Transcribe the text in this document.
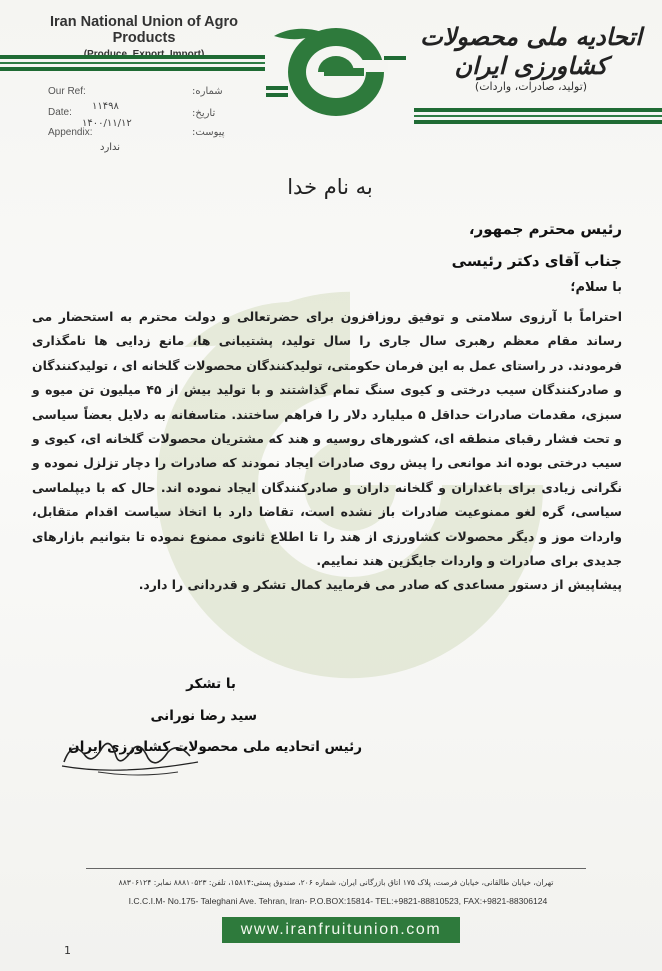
Iran National Union of Agro Products	اتحادیه ملی محصولات کشاورزی ایران
(تولید، صادرات، واردات)
Our Ref:	شماره:
۱۱۴۹۸
Date:	تاریخ:
۱۴۰۰/۱۱/۱۲
Appendix:	پیوست:
ندارد
به نام خدا
رئیس محترم جمهور،
جناب آقای دکتر رئیسی
با سلام؛

احتراماً با آرزوی سلامتی و توفیق روزافزون برای حضرتعالی و دولت محترم به استحضار می رساند مقام معظم رهبری سال جاری را سال تولید، پشتیبانی ها، مانع زدایی ها نامگذاری فرمودند. در راستای عمل به این فرمان حکومتی، تولیدکنندگان محصولات گلخانه ای ، تولیدکنندگان و صادرکنندگان سیب درختی و کیوی سنگ تمام گذاشتند و با تولید بیش از ۴۵ میلیون تن میوه و سبزی، مقدمات صادرات حداقل ۵ میلیارد دلار را فراهم ساختند. متاسفانه به دلایل بعضاً سیاسی و تحت فشار رقبای منطقه ای، کشورهای روسیه و هند که مشتریان محصولات گلخانه ای، کیوی و سیب درختی بوده اند موانعی را پیش روی صادرات ایجاد نمودند که صادرات را دچار تزلزل نموده و نگرانی زیادی برای باغداران و گلخانه داران و صادرکنندگان ایجاد نموده اند. حال که با دیپلماسی سیاسی، گره لغو ممنوعیت صادرات باز نشده است، تقاضا دارد با اتخاذ سیاست اقدام متقابل، واردات موز و دیگر محصولات کشاورزی از هند را تا اطلاع ثانوی ممنوع نموده تا بتوانیم بازارهای جدیدی برای صادرات و واردات جایگزین هند نماییم.

پیشاپیش از دستور مساعدی که صادر می فرمایید کمال تشکر و قدردانی را دارد.

با تشکر
سید رضا نورانی
رئیس اتحادیه ملی محصولات کشاورزی ایران
تهران، خیابان طالقانی، خیابان فرصت، پلاک ۱۷۵ اتاق بازرگانی ایران، شماره ۲۰۶، صندوق پستی:۱۵۸۱۴، تلفن: ۸۸۸۱۰۵۲۳ نمابر: ۸۸۳۰۶۱۲۴
I.C.C.I.M- No.175- Taleghani Ave. Tehran, Iran- P.O.BOX:15814- TEL:+9821-88810523, FAX:+9821-88306124
www.iranfruitunion.com
1
